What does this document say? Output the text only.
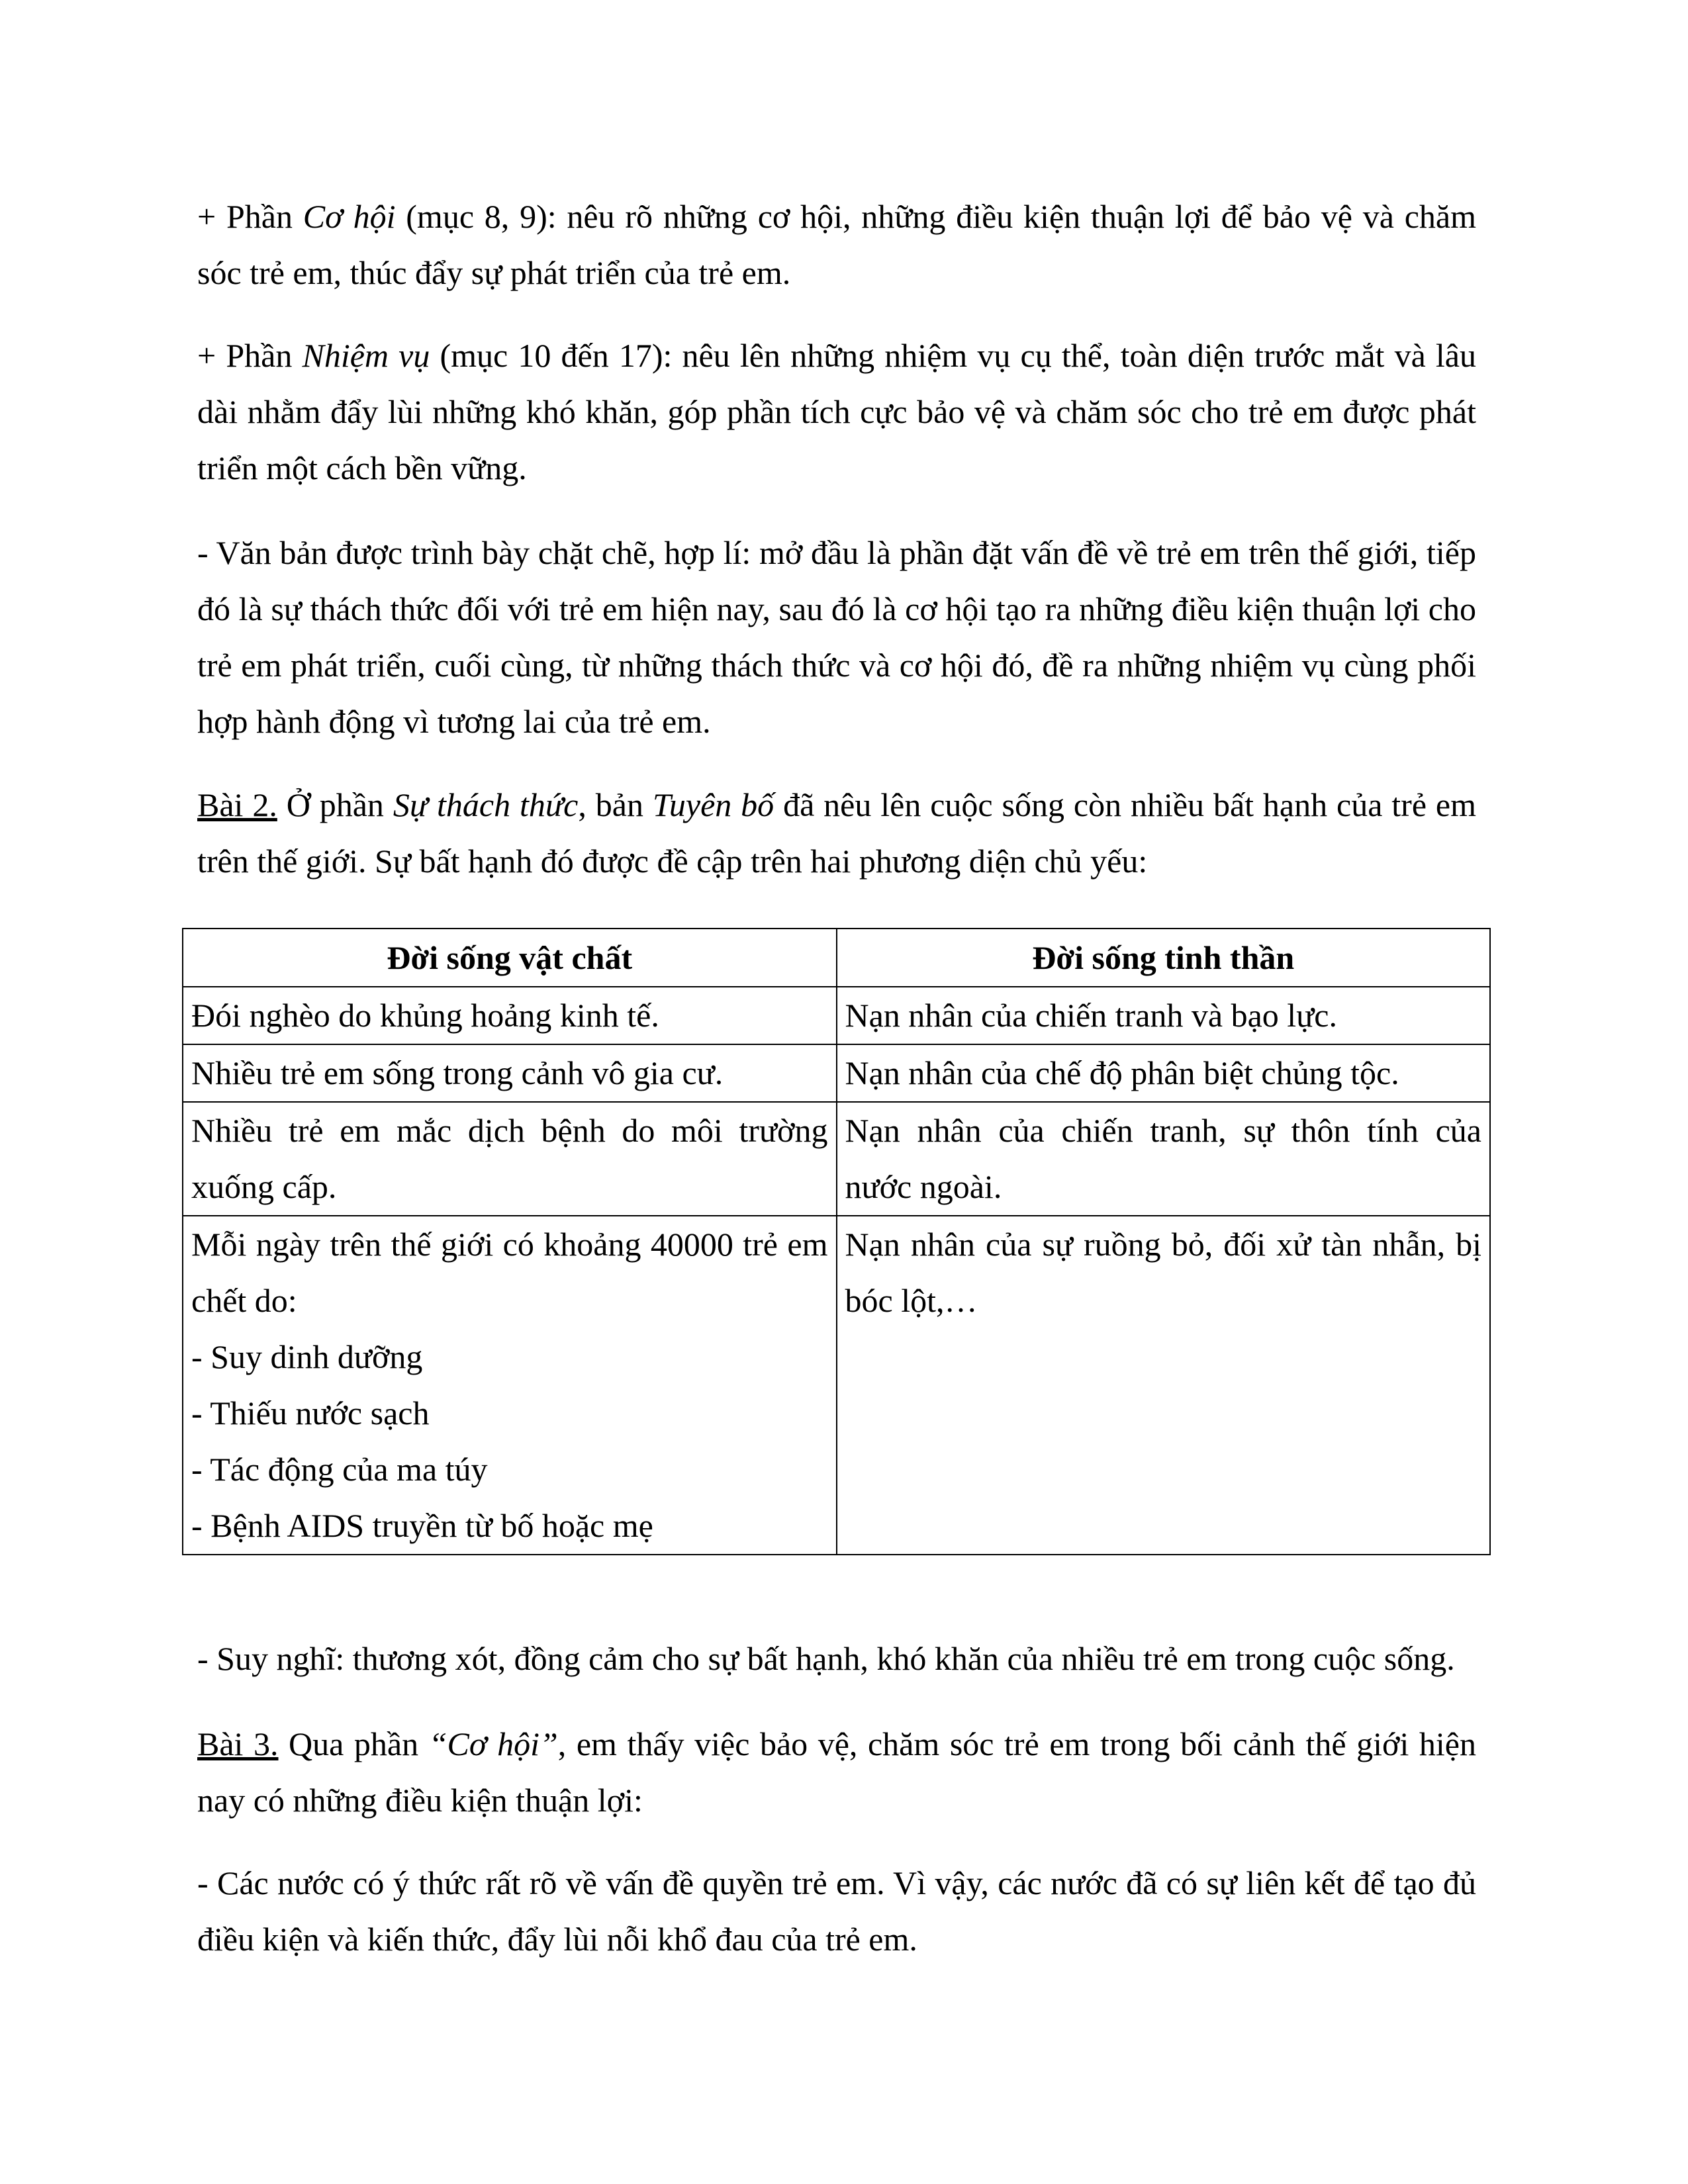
+ Phần Cơ hội (mục 8, 9): nêu rõ những cơ hội, những điều kiện thuận lợi để bảo vệ và chăm sóc trẻ em, thúc đẩy sự phát triển của trẻ em.
+ Phần Nhiệm vụ (mục 10 đến 17): nêu lên những nhiệm vụ cụ thể, toàn diện trước mắt và lâu dài nhằm đẩy lùi những khó khăn, góp phần tích cực bảo vệ và chăm sóc cho trẻ em được phát triển một cách bền vững.
- Văn bản được trình bày chặt chẽ, hợp lí: mở đầu là phần đặt vấn đề về trẻ em trên thế giới, tiếp đó là sự thách thức đối với trẻ em hiện nay, sau đó là cơ hội tạo ra những điều kiện thuận lợi cho trẻ em phát triển, cuối cùng, từ những thách thức và cơ hội đó, đề ra những nhiệm vụ cùng phối hợp hành động vì tương lai của trẻ em.
Bài 2. Ở phần Sự thách thức, bản Tuyên bố đã nêu lên cuộc sống còn nhiều bất hạnh của trẻ em trên thế giới. Sự bất hạnh đó được đề cập trên hai phương diện chủ yếu:
Đời sống vật chất	Đời sống tinh thần
Đói nghèo do khủng hoảng kinh tế.	Nạn nhân của chiến tranh và bạo lực.
Nhiều trẻ em sống trong cảnh vô gia cư.	Nạn nhân của chế độ phân biệt chủng tộc.
Nhiều trẻ em mắc dịch bệnh do môi trường xuống cấp.	Nạn nhân của chiến tranh, sự thôn tính của nước ngoài.

Mỗi ngày trên thế giới có khoảng 40000 trẻ em chết do:
- Suy dinh dưỡng
- Thiếu nước sạch
- Tác động của ma túy
- Bệnh AIDS truyền từ bố hoặc mẹ	Nạn nhân của sự ruồng bỏ, đối xử tàn nhẫn, bị bóc lột,…
- Suy nghĩ: thương xót, đồng cảm cho sự bất hạnh, khó khăn của nhiều trẻ em trong cuộc sống.
Bài 3. Qua phần “Cơ hội”, em thấy việc bảo vệ, chăm sóc trẻ em trong bối cảnh thế giới hiện nay có những điều kiện thuận lợi:
- Các nước có ý thức rất rõ về vấn đề quyền trẻ em. Vì vậy, các nước đã có sự liên kết để tạo đủ điều kiện và kiến thức, đẩy lùi nỗi khổ đau của trẻ em.
